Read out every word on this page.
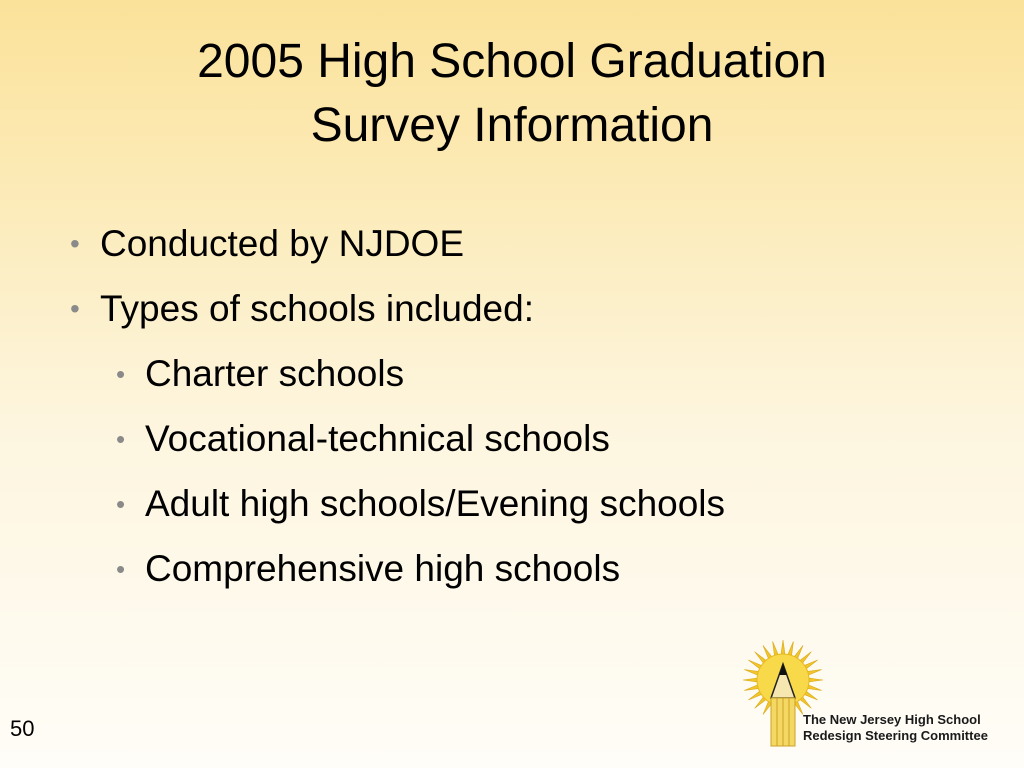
2005 High School Graduation
Survey Information
• Conducted by NJDOE
• Types of schools included:
• Charter schools
• Vocational-technical schools
• Adult high schools/Evening schools
• Comprehensive high schools
50	The New Jersey High School
Redesign Steering Committee
